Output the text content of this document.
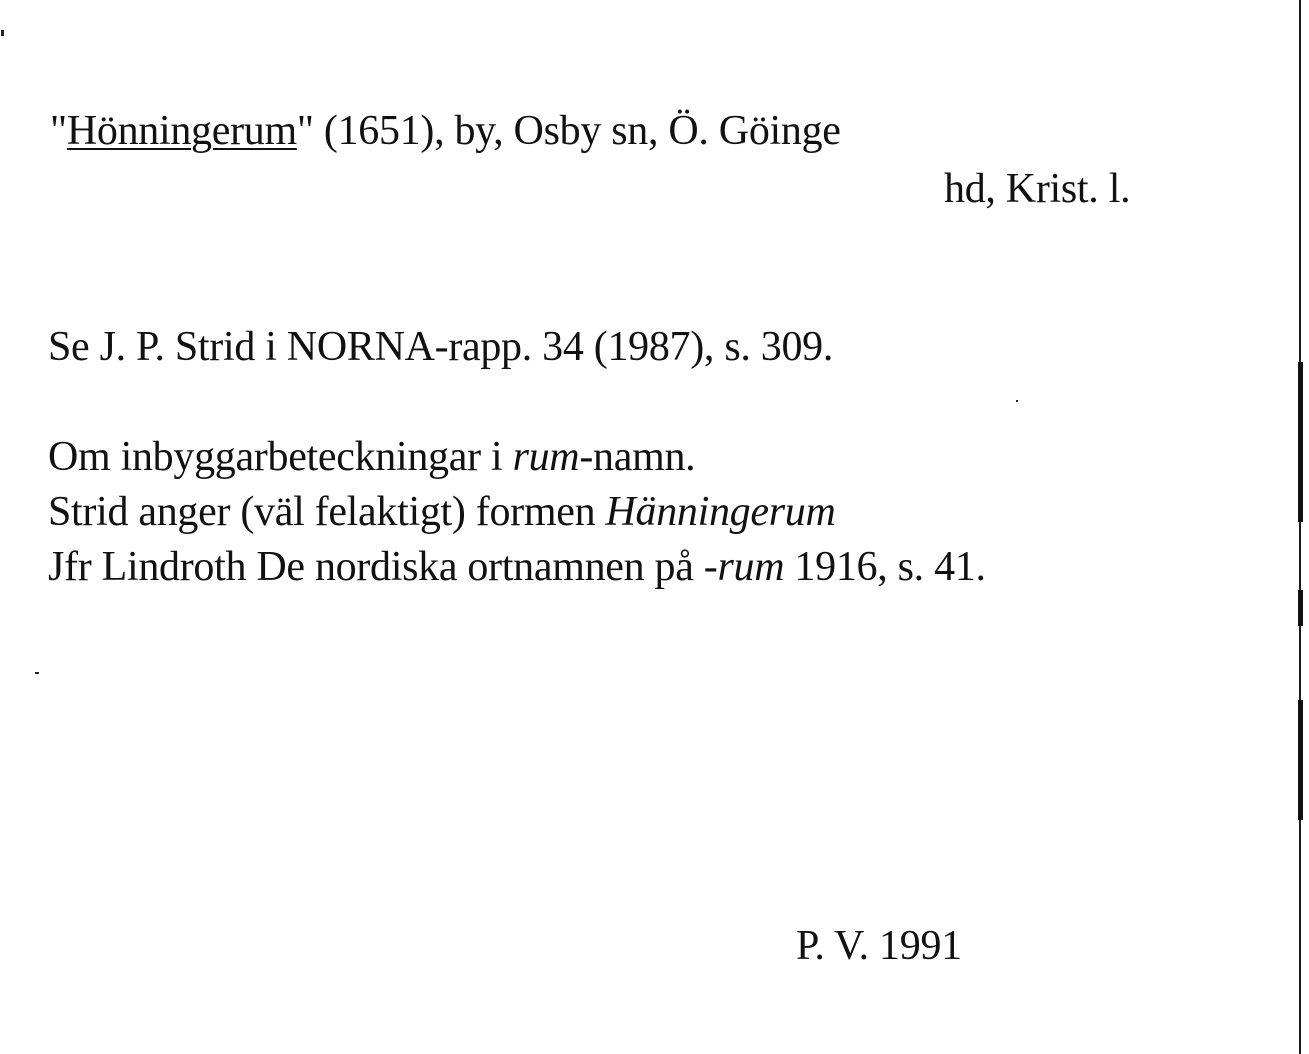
"Hönningerum" (1651), by, Osby sn, Ö. Göinge
hd, Krist. l.
Se J. P. Strid i NORNA-rapp. 34 (1987), s. 309.
Om inbyggarbeteckningar i rum-namn.
Strid anger (väl felaktigt) formen Hänningerum
Jfr Lindroth De nordiska ortnamnen på -rum 1916, s. 41.
P. V. 1991
